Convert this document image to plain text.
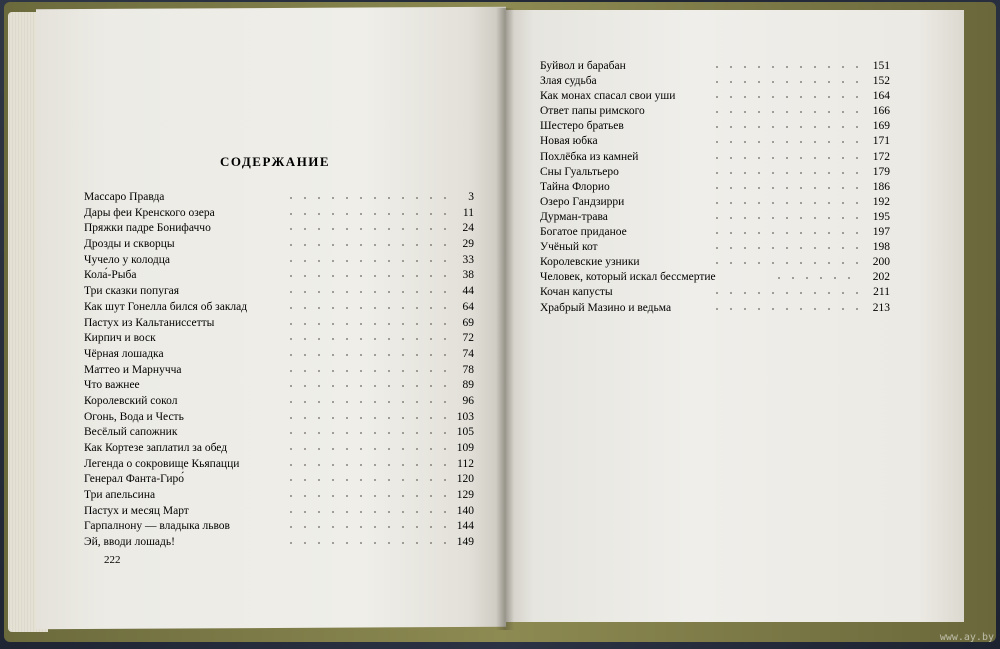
СОДЕРЖАНИЕ
Массаро Правда	3
Дары феи Кренского озера	11
Пряжки падре Бонифаччо	24
Дрозды и скворцы	29
Чучело у колодца	33
Кола́-Рыба	38
Три сказки попугая	44
Как шут Гонелла бился об заклад	64
Пастух из Кальтаниссетты	69
Кирпич и воск	72
Чёрная лошадка	74
Маттео и Марнучча	78
Что важнее	89
Королевский сокол	96
Огонь, Вода и Честь	103
Весёлый сапожник	105
Как Кортезе заплатил за обед	109
Легенда о сокровище Кьяпацци	112
Генерал Фанта-Гиро́	120
Три апельсина	129
Пастух и месяц Март	140
Гарпалнону — владыка львов	144
Эй, вводи лошадь!	149
Буйвол и барабан	151
Злая судьба	152
Как монах спасал свои уши	164
Ответ папы римского	166
Шестеро братьев	169
Новая юбка	171
Похлёбка из камней	172
Сны Гуальтьеро	179
Тайна Флорио	186
Озеро Гандзирри	192
Дурман-трава	195
Богатое приданое	197
Учёный кот	198
Королевские узники	200
Человек, который искал бессмертие	202
Кочан капусты	211
Храбрый Мазино и ведьма	213

222

www.ay.by
